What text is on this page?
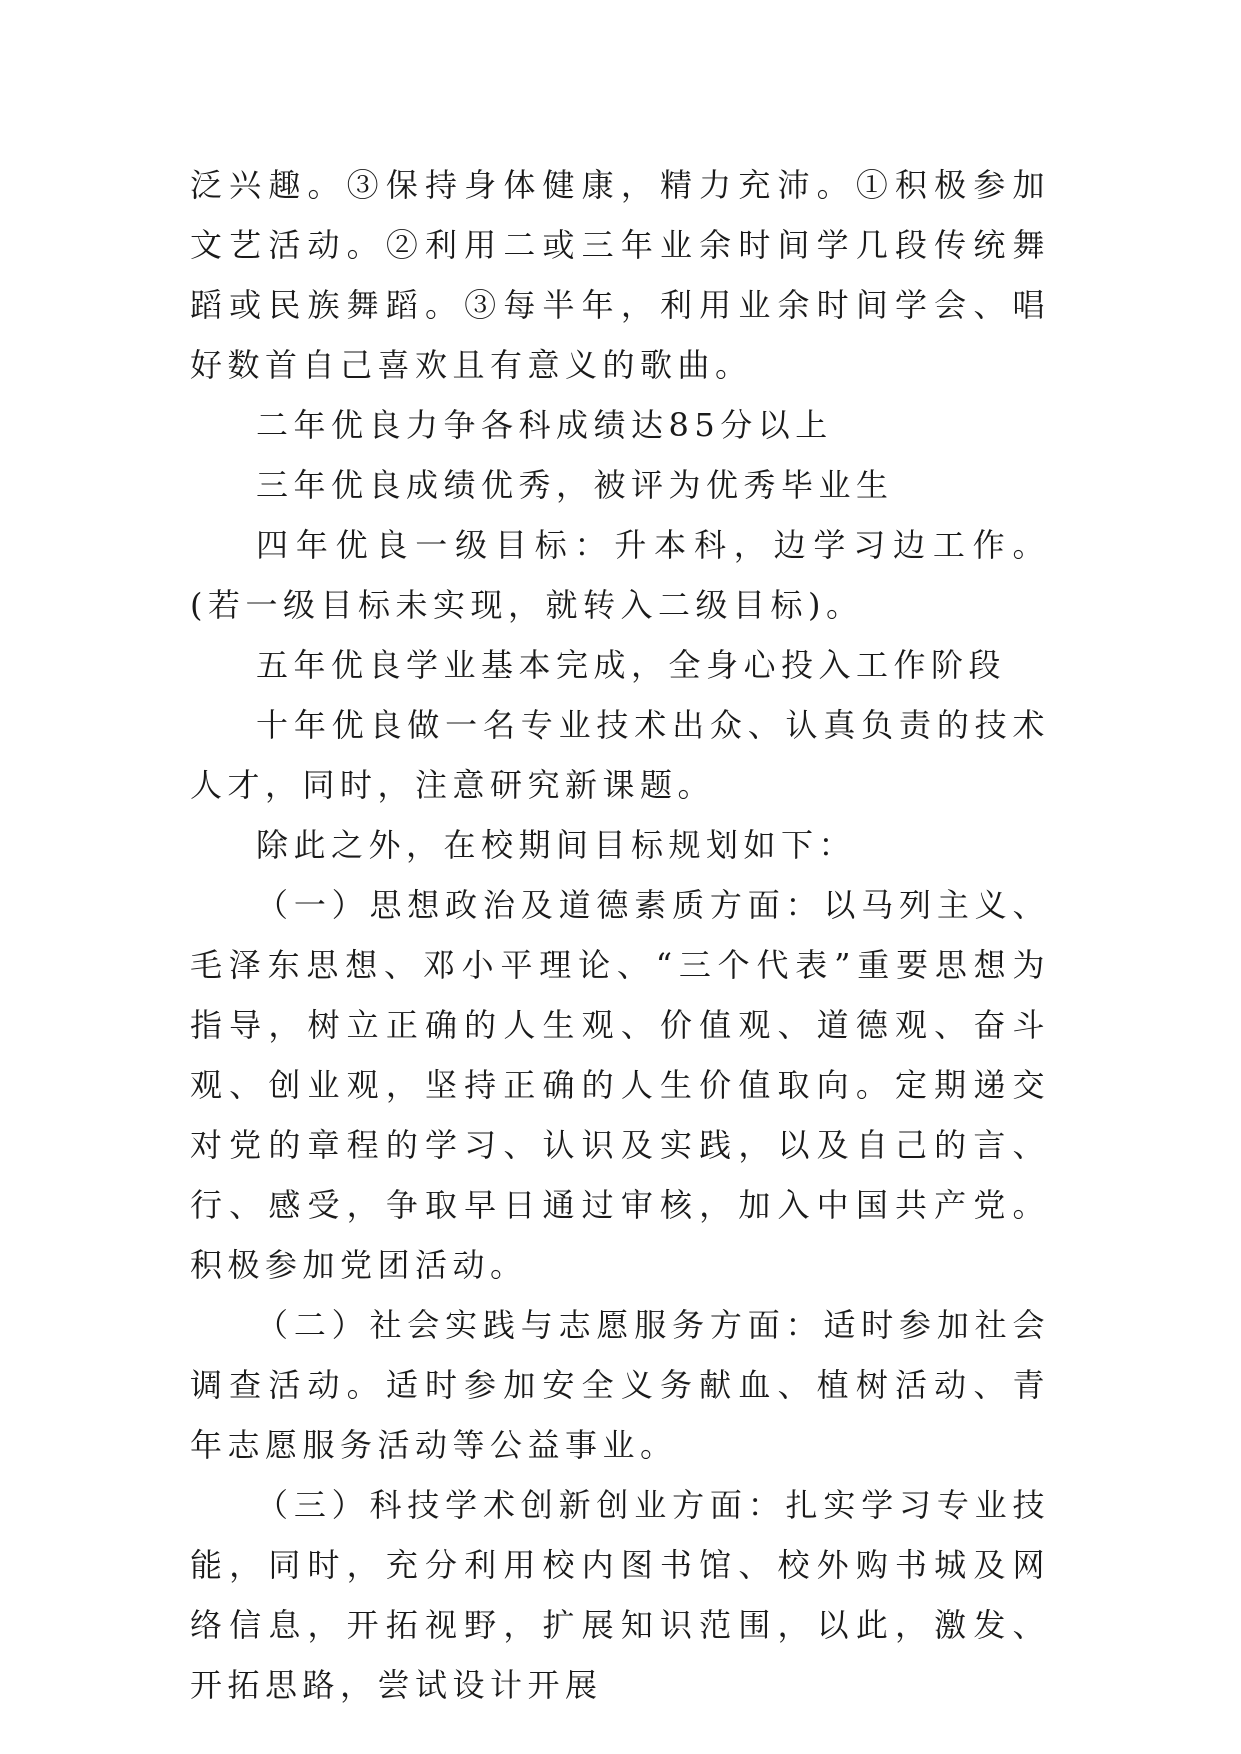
泛兴趣。③保持身体健康，精力充沛。①积极参加文艺活动。②利用二或三年业余时间学几段传统舞蹈或民族舞蹈。③每半年，利用业余时间学会、唱好数首自己喜欢且有意义的歌曲。

二年优良力争各科成绩达85分以上

三年优良成绩优秀，被评为优秀毕业生

四年优良一级目标：升本科，边学习边工作。(若一级目标未实现，就转入二级目标)。

五年优良学业基本完成，全身心投入工作阶段

十年优良做一名专业技术出众、认真负责的技术人才，同时，注意研究新课题。

除此之外，在校期间目标规划如下：

（一）思想政治及道德素质方面：以马列主义、毛泽东思想、邓小平理论、“三个代表”重要思想为指导，树立正确的人生观、价值观、道德观、奋斗观、创业观，坚持正确的人生价值取向。定期递交对党的章程的学习、认识及实践，以及自己的言、行、感受，争取早日通过审核，加入中国共产党。积极参加党团活动。

（二）社会实践与志愿服务方面：适时参加社会调查活动。适时参加安全义务献血、植树活动、青年志愿服务活动等公益事业。

（三）科技学术创新创业方面：扎实学习专业技能，同时，充分利用校内图书馆、校外购书城及网络信息，开拓视野，扩展知识范围，以此，激发、开拓思路，尝试设计开展
